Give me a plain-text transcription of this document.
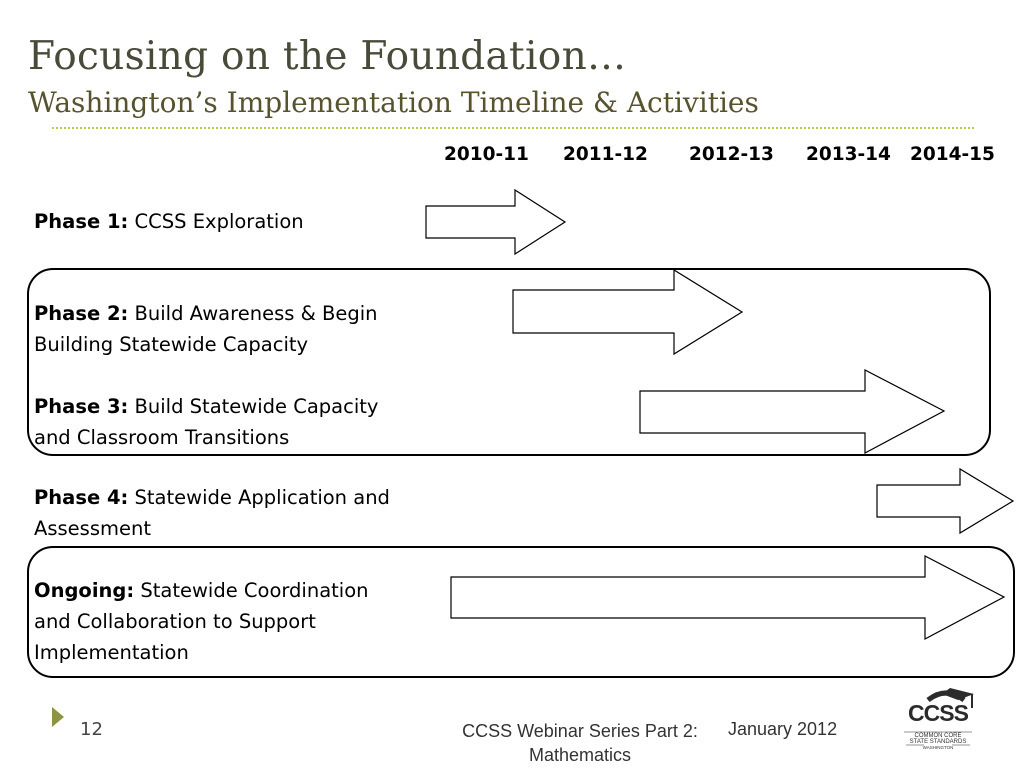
Focusing on the Foundation…
Washington’s Implementation Timeline & Activities
2010-11 2011-12 2012-13 2013-14 2014-15
Phase 1: CCSS Exploration
Phase 2: Build Awareness & Begin
Building Statewide Capacity
Phase 3: Build Statewide Capacity
and Classroom Transitions
Phase 4: Statewide Application and
Assessment
Ongoing: Statewide Coordination
and Collaboration to Support
Implementation
12	CCSS Webinar Series Part 2:
Mathematics
January 2012
CCSS
COMMON CORE
STATE STANDARDS
WASHINGTON
